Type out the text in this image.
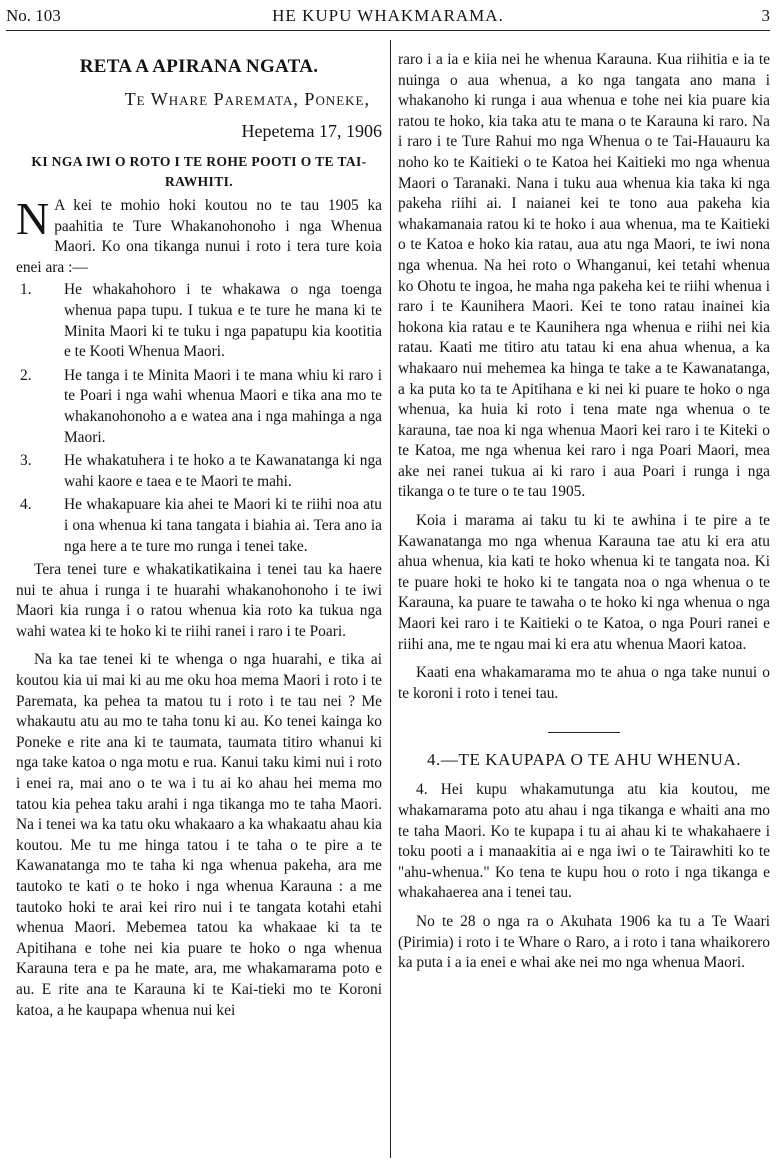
No. 103	HE KUPU WHAKMARAMA.	3

RETA A APIRANA NGATA.

Te Whare Paremata, Poneke,

Hepetema 17, 1906

KI NGA IWI O ROTO I TE ROHE POOTI O TE TAI-RAWHITI.

N A kei te mohio hoki koutou no te tau 1905 ka paahitia te Ture Whakanohonoho i nga Whenua Maori. Ko ona tikanga nunui i roto i tera ture koia enei ara :—

1. He whakahohoro i te whakawa o nga toenga whenua papa tupu. I tukua e te ture he mana ki te Minita Maori ki te tuku i nga papatupu kia kootitia e te Kooti Whenua Maori.
2. He tanga i te Minita Maori i te mana whiu ki raro i te Poari i nga wahi whenua Maori e tika ana mo te whakanohonoho a e watea ana i nga mahinga a nga Maori.
3. He whakatuhera i te hoko a te Kawanatanga ki nga wahi kaore e taea e te Maori te mahi.
4. He whakapuare kia ahei te Maori ki te riihi noa atu i ona whenua ki tana tangata i biahia ai. Tera ano ia nga here a te ture mo runga i tenei take.

Tera tenei ture e whakatikatikaina i tenei tau ka haere nui te ahua i runga i te huarahi whakanohonoho i te iwi Maori kia runga i o ratou whenua kia roto ka tukua nga wahi watea ki te hoko ki te riihi ranei i raro i te Poari.

Na ka tae tenei ki te whenga o nga huarahi, e tika ai koutou kia ui mai ki au me oku hoa mema Maori i roto i te Paremata, ka pehea ta matou tu i roto i te tau nei ? Me whakautu atu au mo te taha tonu ki au. Ko tenei kainga ko Poneke e rite ana ki te taumata, taumata titiro whanui ki nga take katoa o nga motu e rua. Kanui taku kimi nui i roto i enei ra, mai ano o te wa i tu ai ko ahau hei mema mo tatou kia pehea taku arahi i nga tikanga mo te taha Maori. Na i tenei wa ka tatu oku whakaaro a ka whakaatu ahau kia koutou. Me tu me hinga tatou i te taha o te pire a te Kawanatanga mo te taha ki nga whenua pakeha, ara me tautoko te kati o te hoko i nga whenua Karauna : a me tautoko hoki te arai kei riro nui i te tangata kotahi etahi whenua Maori. Mebemea tatou ka whakaae ki ta te Apitihana e tohe nei kia puare te hoko o nga whenua Karauna tera e pa he mate, ara, me whakamarama poto e au. E rite ana te Karauna ki te Kai-tieki mo te Koroni katoa, a he kaupapa whenua nui kei

raro i a ia e kiia nei he whenua Karauna. Kua riihitia e ia te nuinga o aua whenua, a ko nga tangata ano mana i whakanoho ki runga i aua whenua e tohe nei kia puare kia ratou te hoko, kia taka atu te mana o te Karauna ki raro. Na i raro i te Ture Rahui mo nga Whenua o te Tai-Hauauru ka noho ko te Kaitieki o te Katoa hei Kaitieki mo nga whenua Maori o Taranaki. Nana i tuku aua whenua kia taka ki nga pakeha riihi ai. I naianei kei te tono aua pakeha kia whakamanaia ratou ki te hoko i aua whenua, ma te Kaitieki o te Katoa e hoko kia ratau, aua atu nga Maori, te iwi nona nga whenua. Na hei roto o Whanganui, kei tetahi whenua ko Ohotu te ingoa, he maha nga pakeha kei te riihi whenua i raro i te Kaunihera Maori. Kei te tono ratau inainei kia hokona kia ratau e te Kaunihera nga whenua e riihi nei kia ratau. Kaati me titiro atu tatau ki ena ahua whenua, a ka whakaaro nui mehemea ka hinga te take a te Kawanatanga, a ka puta ko ta te Apitihana e ki nei ki puare te hoko o nga whenua, ka huia ki roto i tena mate nga whenua o te karauna, tae noa ki nga whenua Maori kei raro i te Kiteki o te Katoa, me nga whenua kei raro i nga Poari Maori, mea ake nei ranei tukua ai ki raro i aua Poari i runga i nga tikanga o te ture o te tau 1905.

Koia i marama ai taku tu ki te awhina i te pire a te Kawanatanga mo nga whenua Karauna tae atu ki era atu ahua whenua, kia kati te hoko whenua ki te tangata noa. Ki te puare hoki te hoko ki te tangata noa o nga whenua o te Karauna, ka puare te tawaha o te hoko ki nga whenua o nga Maori kei raro i te Kaitieki o te Katoa, o nga Pouri ranei e riihi ana, me te ngau mai ki era atu whenua Maori katoa.

Kaati ena whakamarama mo te ahua o nga take nunui o te koroni i roto i tenei tau.

4.—TE KAUPAPA O TE AHU WHENUA.

4. Hei kupu whakamutunga atu kia koutou, me whakamarama poto atu ahau i nga tikanga e whaiti ana mo te taha Maori. Ko te kupapa i tu ai ahau ki te whakahaere i toku pooti a i manaakitia ai e nga iwi o te Tairawhiti ko te "ahu-whenua." Ko tena te kupu hou o roto i nga tikanga e whakahaerea ana i tenei tau.

No te 28 o nga ra o Akuhata 1906 ka tu a Te Waari (Pirimia) i roto i te Whare o Raro, a i roto i tana whaikorero ka puta i a ia enei e whai ake nei mo nga whenua Maori.
